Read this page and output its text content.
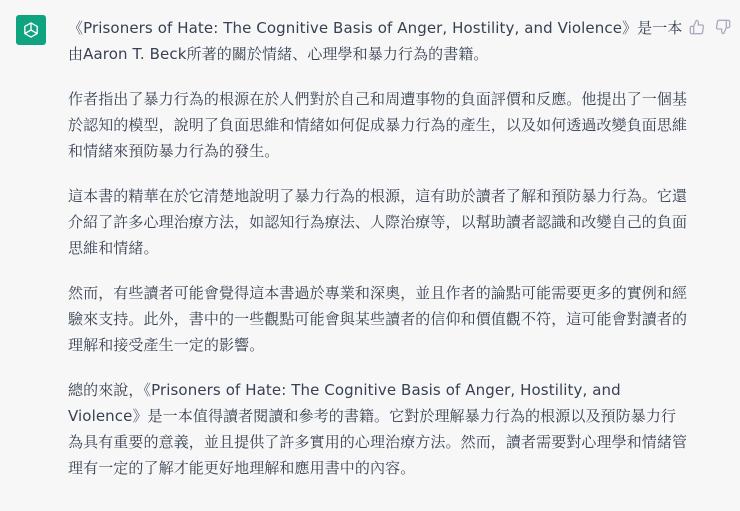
《Prisoners of Hate: The Cognitive Basis of Anger, Hostility, and Violence》是一本由Aaron T. Beck所著的關於情緒、心理學和暴力行為的書籍。

作者指出了暴力行為的根源在於人們對於自己和周遭事物的負面評價和反應。他提出了一個基於認知的模型，說明了負面思維和情緒如何促成暴力行為的產生，以及如何透過改變負面思維和情緒來預防暴力行為的發生。

這本書的精華在於它清楚地說明了暴力行為的根源，這有助於讀者了解和預防暴力行為。它還介紹了許多心理治療方法，如認知行為療法、人際治療等，以幫助讀者認識和改變自己的負面思維和情緒。

然而，有些讀者可能會覺得這本書過於專業和深奧，並且作者的論點可能需要更多的實例和經驗來支持。此外，書中的一些觀點可能會與某些讀者的信仰和價值觀不符，這可能會對讀者的理解和接受產生一定的影響。

總的來說，《Prisoners of Hate: The Cognitive Basis of Anger, Hostility, and Violence》是一本值得讀者閱讀和參考的書籍。它對於理解暴力行為的根源以及預防暴力行為具有重要的意義，並且提供了許多實用的心理治療方法。然而，讀者需要對心理學和情緒管理有一定的了解才能更好地理解和應用書中的內容。
